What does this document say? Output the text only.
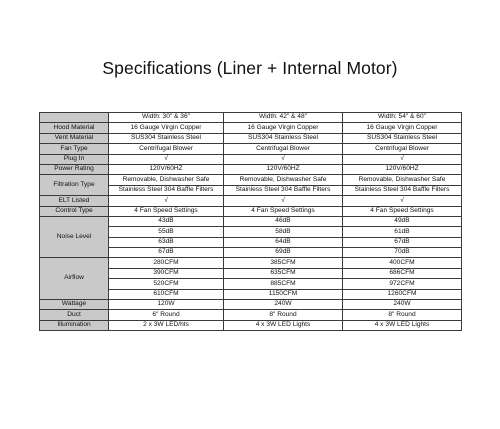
Specifications (Liner + Internal Motor)
	Width: 30" & 36"	Width: 42" & 48"	Width: 54" & 60"
Hood Material	16 Gauge Virgin Copper	16 Gauge Virgin Copper	16 Gauge Virgin Copper
Vent Material	SUS304 Stainless Steel	SUS304 Stainless Steel	SUS304 Stainless Steel
Fan Type	Centrifugal Blower	Centrifugal Blower	Centrifugal Blower
Plug In	√	√	√
Power Rating	120V/60HZ	120V/60HZ	120V/60HZ
Filtration Type	Removable, Dishwasher Safe	Removable, Dishwasher Safe	Removable, Dishwasher Safe
	Stainless Steel 304 Baffle Filters	Stainless Steel 304 Baffle Filters	Stainless Steel 304 Baffle Filters
ELT Listed	√	√	√
Control Type	4 Fan Speed Settings	4 Fan Speed Settings	4 Fan Speed Settings
Noise Level	43dB	46dB	49dB
	55dB	58dB	61dB
	63dB	64dB	67dB
	67dB	69dB	70dB
Airflow	280CFM	385CFM	400CFM
	390CFM	635CFM	686CFM
	520CFM	885CFM	972CFM
	610CFM	1150CFM	1260CFM
Wattage	120W	240W	240W
Duct	6" Round	8" Round	8" Round
Illumination	2 x 3W LED/hts	4 x 3W LED Lights	4 x 3W LED Lights
